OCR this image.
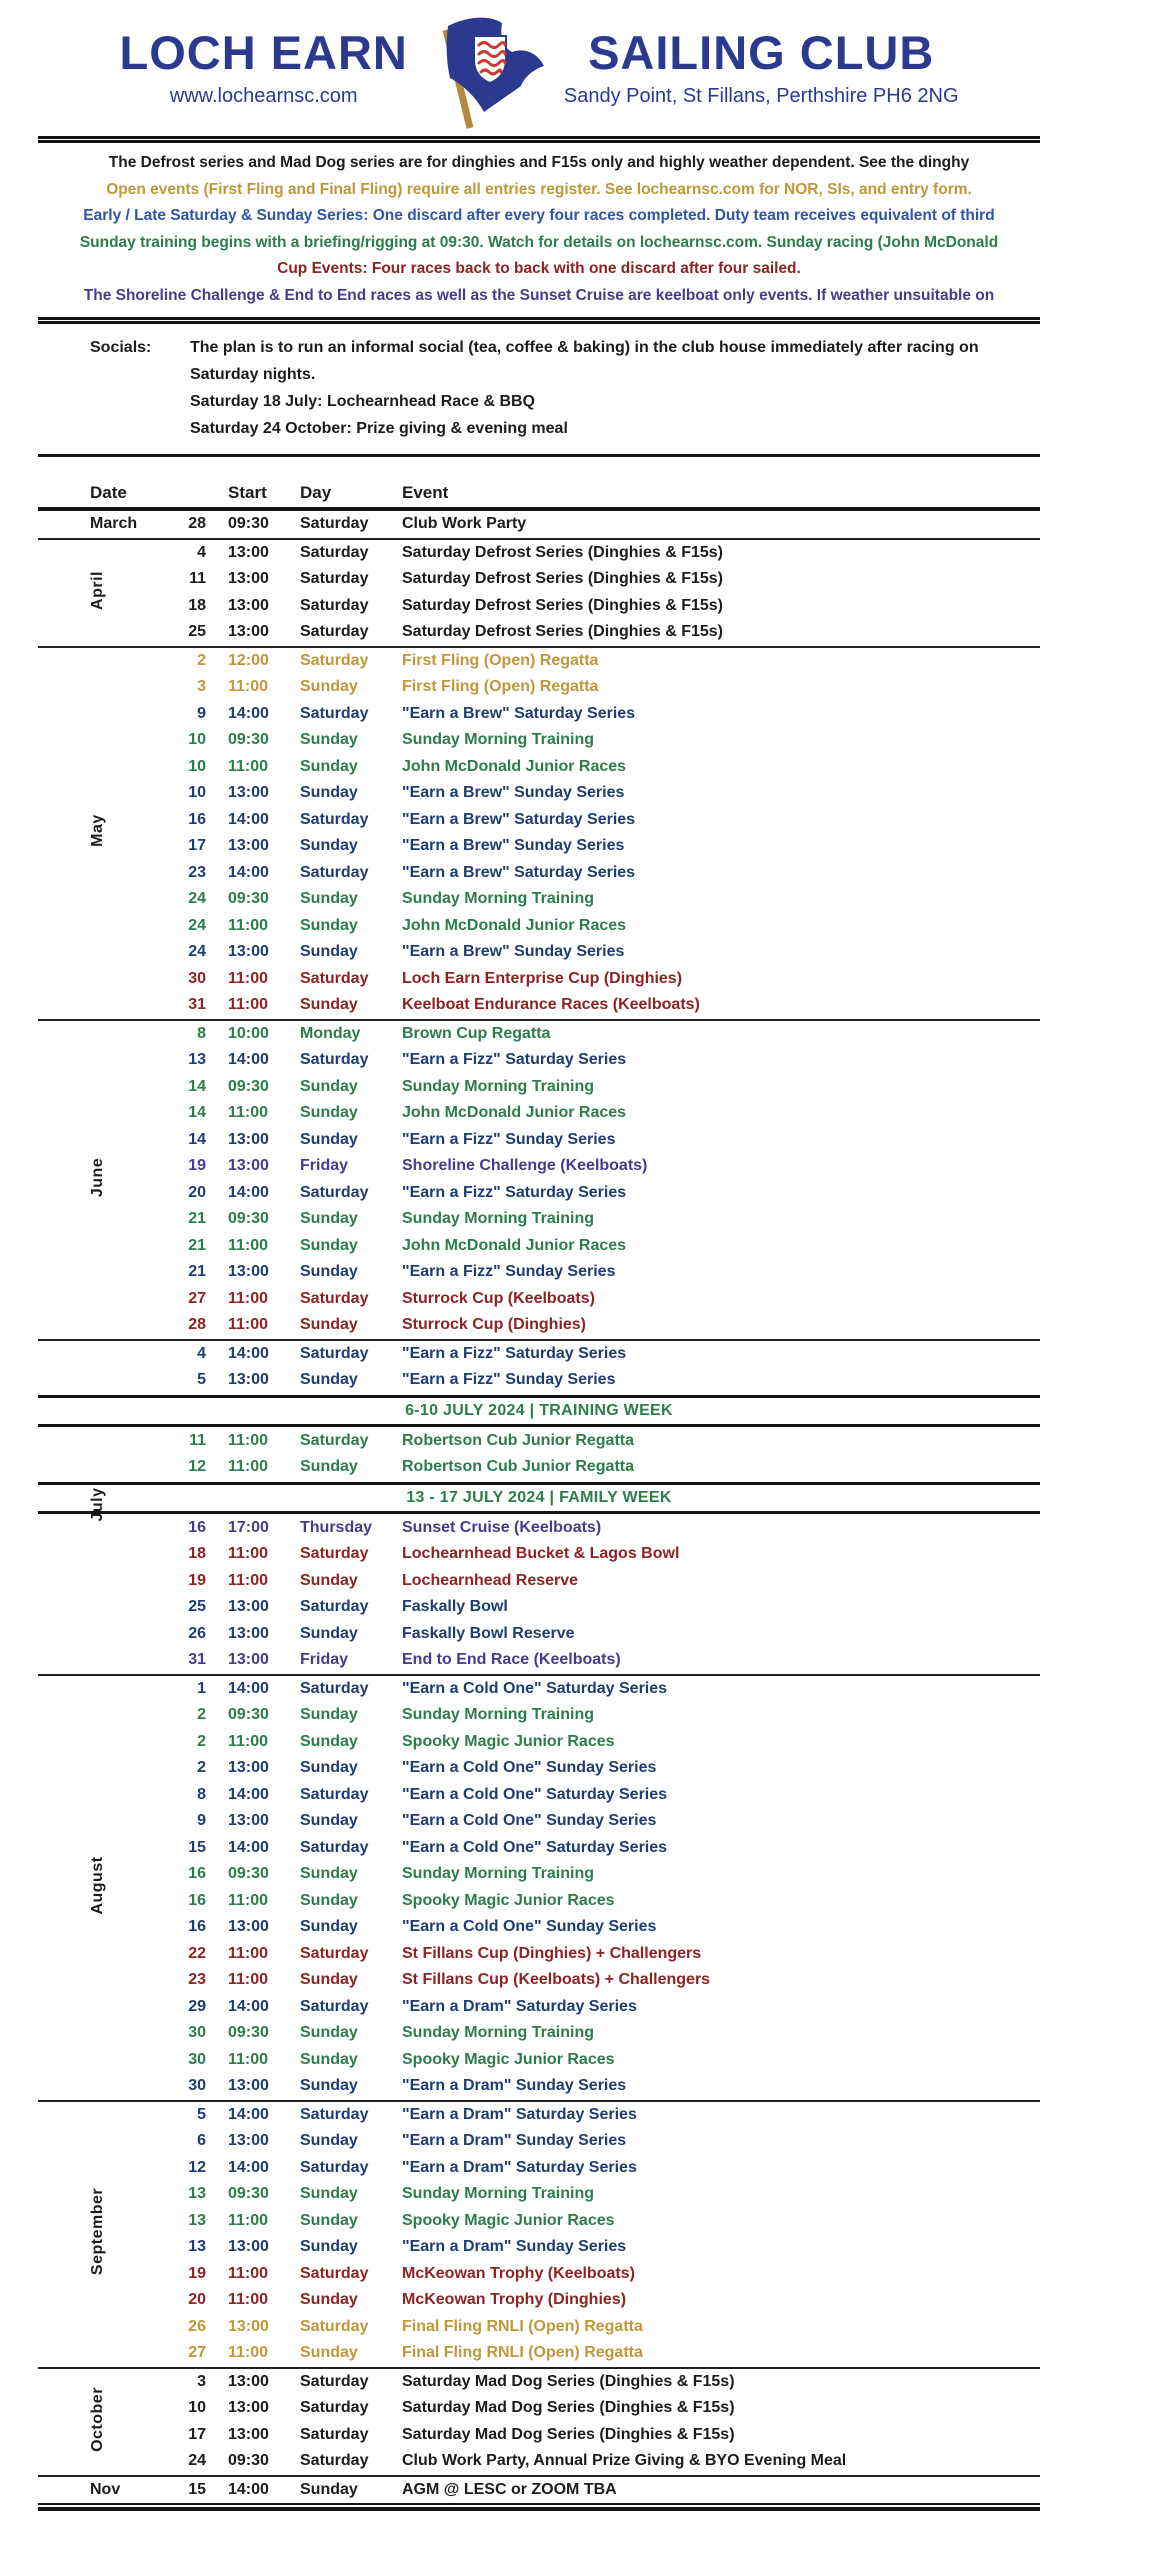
LOCH EARN
www.lochearnsc.com
SAILING CLUB
Sandy Point, St Fillans, Perthshire PH6 2NG
The Defrost series and Mad Dog series are for dinghies and F15s only and highly weather dependent. See the dinghy
Open events (First Fling and Final Fling) require all entries register. See lochearnsc.com for NOR, SIs, and entry form.
Early / Late Saturday & Sunday Series: One discard after every four races completed. Duty team receives equivalent of third
Sunday training begins with a briefing/rigging at 09:30. Watch for details on lochearnsc.com. Sunday racing (John McDonald
Cup Events: Four races back to back with one discard after four sailed.
The Shoreline Challenge & End to End races as well as the Sunset Cruise are keelboat only events. If weather unsuitable on
Socials:	The plan is to run an informal social (tea, coffee & baking) in the club house immediately after racing on
Saturday nights.
Saturday 18 July: Lochearnhead Race & BBQ
Saturday 24 October: Prize giving & evening meal
Date	Start	Day	Event
March	28	09:30	Saturday	Club Work Party
April
4	13:00	Saturday	Saturday Defrost Series (Dinghies & F15s)
11	13:00	Saturday	Saturday Defrost Series (Dinghies & F15s)
18	13:00	Saturday	Saturday Defrost Series (Dinghies & F15s)
25	13:00	Saturday	Saturday Defrost Series (Dinghies & F15s)
May
2	12:00	Saturday	First Fling (Open) Regatta
3	11:00	Sunday	First Fling (Open) Regatta
9	14:00	Saturday	"Earn a Brew" Saturday Series
10	09:30	Sunday	Sunday Morning Training
10	11:00	Sunday	John McDonald Junior Races
10	13:00	Sunday	"Earn a Brew" Sunday Series
16	14:00	Saturday	"Earn a Brew" Saturday Series
17	13:00	Sunday	"Earn a Brew" Sunday Series
23	14:00	Saturday	"Earn a Brew" Saturday Series
24	09:30	Sunday	Sunday Morning Training
24	11:00	Sunday	John McDonald Junior Races
24	13:00	Sunday	"Earn a Brew" Sunday Series
30	11:00	Saturday	Loch Earn Enterprise Cup (Dinghies)
31	11:00	Sunday	Keelboat Endurance Races (Keelboats)
June
8	10:00	Monday	Brown Cup Regatta
13	14:00	Saturday	"Earn a Fizz" Saturday Series
14	09:30	Sunday	Sunday Morning Training
14	11:00	Sunday	John McDonald Junior Races
14	13:00	Sunday	"Earn a Fizz" Sunday Series
19	13:00	Friday	Shoreline Challenge (Keelboats)
20	14:00	Saturday	"Earn a Fizz" Saturday Series
21	09:30	Sunday	Sunday Morning Training
21	11:00	Sunday	John McDonald Junior Races
21	13:00	Sunday	"Earn a Fizz" Sunday Series
27	11:00	Saturday	Sturrock Cup (Keelboats)
28	11:00	Sunday	Sturrock Cup (Dinghies)
July
4	14:00	Saturday	"Earn a Fizz" Saturday Series
5	13:00	Sunday	"Earn a Fizz" Sunday Series
6-10 JULY 2024 | TRAINING WEEK
11	11:00	Saturday	Robertson Cub Junior Regatta
12	11:00	Sunday	Robertson Cub Junior Regatta
13 - 17 JULY 2024 | FAMILY WEEK
16	17:00	Thursday	Sunset Cruise (Keelboats)
18	11:00	Saturday	Lochearnhead Bucket & Lagos Bowl
19	11:00	Sunday	Lochearnhead Reserve
25	13:00	Saturday	Faskally Bowl
26	13:00	Sunday	Faskally Bowl Reserve
31	13:00	Friday	End to End Race (Keelboats)
August
1	14:00	Saturday	"Earn a Cold One" Saturday Series
2	09:30	Sunday	Sunday Morning Training
2	11:00	Sunday	Spooky Magic Junior Races
2	13:00	Sunday	"Earn a Cold One" Sunday Series
8	14:00	Saturday	"Earn a Cold One" Saturday Series
9	13:00	Sunday	"Earn a Cold One" Sunday Series
15	14:00	Saturday	"Earn a Cold One" Saturday Series
16	09:30	Sunday	Sunday Morning Training
16	11:00	Sunday	Spooky Magic Junior Races
16	13:00	Sunday	"Earn a Cold One" Sunday Series
22	11:00	Saturday	St Fillans Cup (Dinghies) + Challengers
23	11:00	Sunday	St Fillans Cup (Keelboats) + Challengers
29	14:00	Saturday	"Earn a Dram" Saturday Series
30	09:30	Sunday	Sunday Morning Training
30	11:00	Sunday	Spooky Magic Junior Races
30	13:00	Sunday	"Earn a Dram" Sunday Series
September
5	14:00	Saturday	"Earn a Dram" Saturday Series
6	13:00	Sunday	"Earn a Dram" Sunday Series
12	14:00	Saturday	"Earn a Dram" Saturday Series
13	09:30	Sunday	Sunday Morning Training
13	11:00	Sunday	Spooky Magic Junior Races
13	13:00	Sunday	"Earn a Dram" Sunday Series
19	11:00	Saturday	McKeowan Trophy (Keelboats)
20	11:00	Sunday	McKeowan Trophy (Dinghies)
26	13:00	Saturday	Final Fling RNLI (Open) Regatta
27	11:00	Sunday	Final Fling RNLI (Open) Regatta
October
3	13:00	Saturday	Saturday Mad Dog Series (Dinghies & F15s)
10	13:00	Saturday	Saturday Mad Dog Series (Dinghies & F15s)
17	13:00	Saturday	Saturday Mad Dog Series (Dinghies & F15s)
24	09:30	Saturday	Club Work Party, Annual Prize Giving & BYO Evening Meal
Nov	15	14:00	Sunday	AGM @ LESC or ZOOM TBA
